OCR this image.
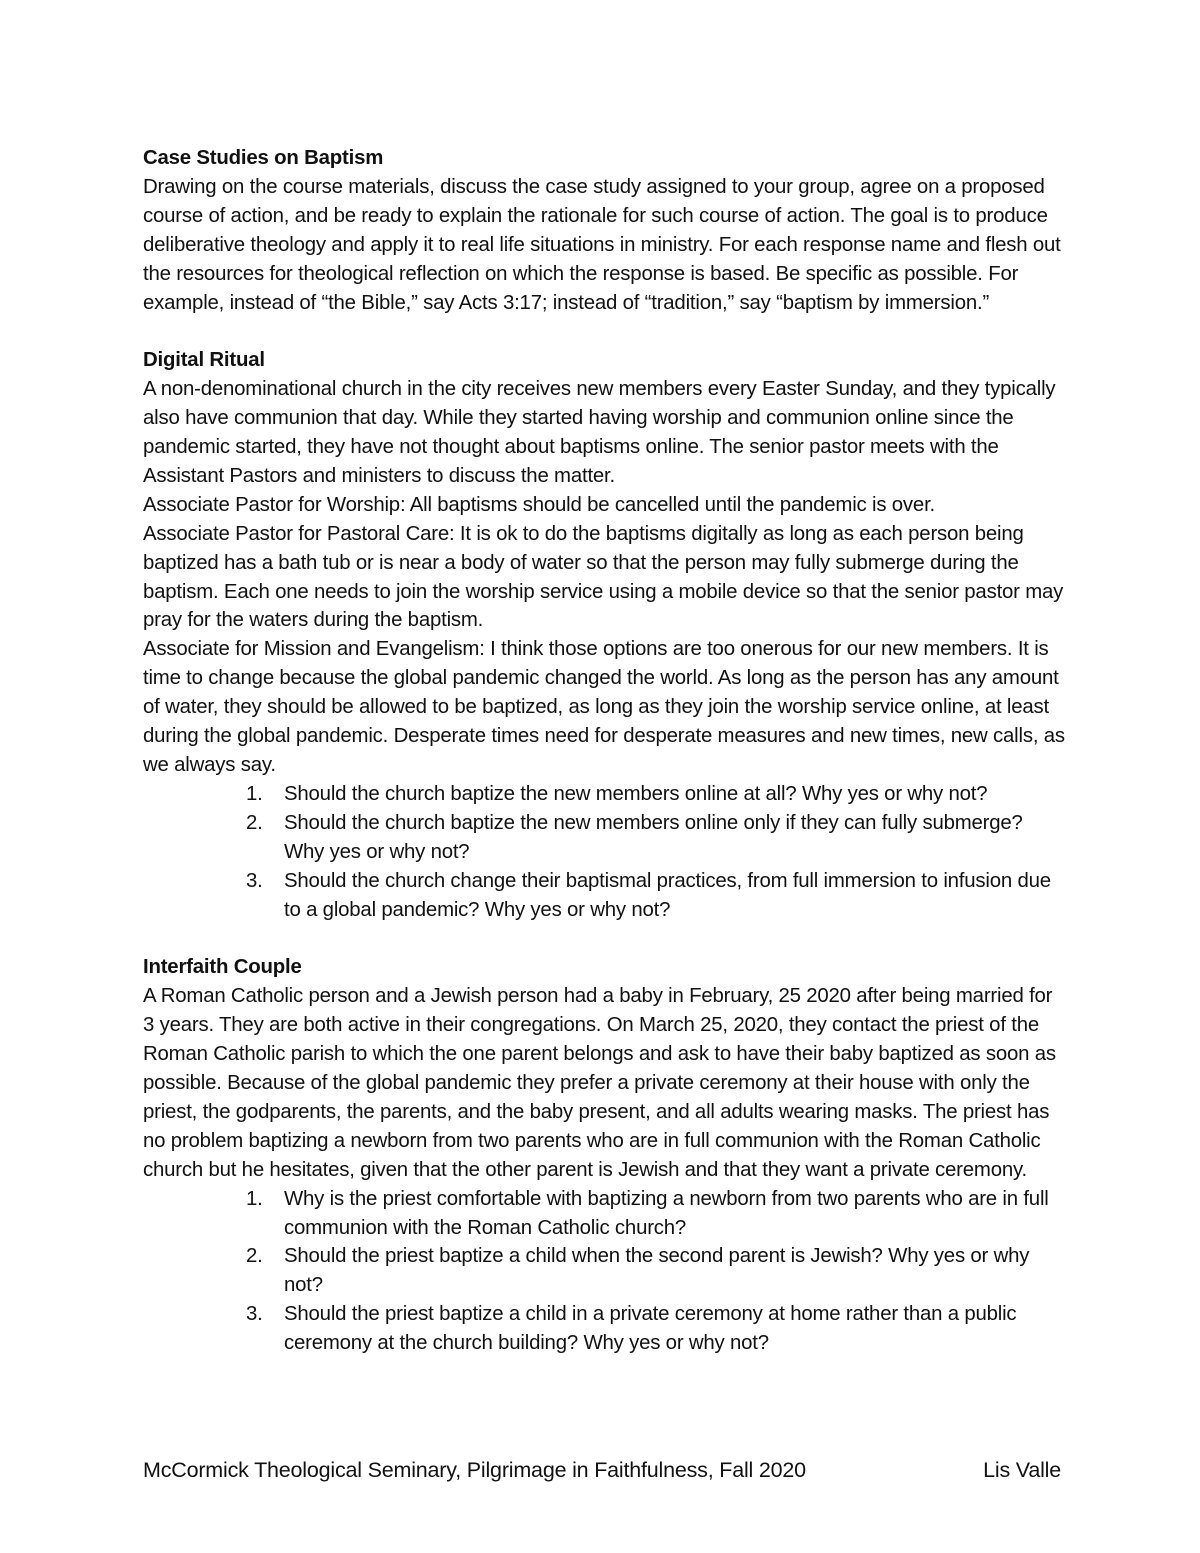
Case Studies on Baptism

Drawing on the course materials, discuss the case study assigned to your group, agree on a proposed course of action, and be ready to explain the rationale for such course of action. The goal is to produce deliberative theology and apply it to real life situations in ministry. For each response name and flesh out the resources for theological reflection on which the response is based. Be specific as possible. For example, instead of “the Bible,” say Acts 3:17; instead of “tradition,” say “baptism by immersion.”

Digital Ritual

A non-denominational church in the city receives new members every Easter Sunday, and they typically also have communion that day. While they started having worship and communion online since the pandemic started, they have not thought about baptisms online. The senior pastor meets with the Assistant Pastors and ministers to discuss the matter.

Associate Pastor for Worship: All baptisms should be cancelled until the pandemic is over.

Associate Pastor for Pastoral Care: It is ok to do the baptisms digitally as long as each person being baptized has a bath tub or is near a body of water so that the person may fully submerge during the baptism. Each one needs to join the worship service using a mobile device so that the senior pastor may pray for the waters during the baptism.

Associate for Mission and Evangelism: I think those options are too onerous for our new members. It is time to change because the global pandemic changed the world. As long as the person has any amount of water, they should be allowed to be baptized, as long as they join the worship service online, at least during the global pandemic. Desperate times need for desperate measures and new times, new calls, as we always say.

1. Should the church baptize the new members online at all? Why yes or why not?
2. Should the church baptize the new members online only if they can fully submerge? Why yes or why not?
3. Should the church change their baptismal practices, from full immersion to infusion due to a global pandemic? Why yes or why not?

Interfaith Couple

A Roman Catholic person and a Jewish person had a baby in February, 25 2020 after being married for 3 years. They are both active in their congregations. On March 25, 2020, they contact the priest of the Roman Catholic parish to which the one parent belongs and ask to have their baby baptized as soon as possible. Because of the global pandemic they prefer a private ceremony at their house with only the priest, the godparents, the parents, and the baby present, and all adults wearing masks. The priest has no problem baptizing a newborn from two parents who are in full communion with the Roman Catholic church but he hesitates, given that the other parent is Jewish and that they want a private ceremony.

1. Why is the priest comfortable with baptizing a newborn from two parents who are in full communion with the Roman Catholic church?
2. Should the priest baptize a child when the second parent is Jewish? Why yes or why not?
3. Should the priest baptize a child in a private ceremony at home rather than a public ceremony at the church building? Why yes or why not?
McCormick Theological Seminary, Pilgrimage in Faithfulness, Fall 2020	Lis Valle
